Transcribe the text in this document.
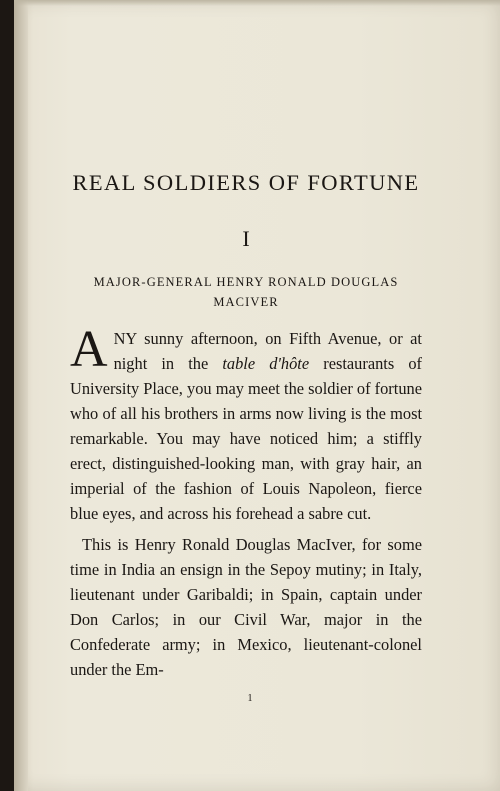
REAL SOLDIERS OF FORTUNE
I
MAJOR-GENERAL HENRY RONALD DOUGLAS
MACIVER

ANY sunny afternoon, on Fifth Avenue, or at night in the table d'hôte restaurants of University Place, you may meet the soldier of fortune who of all his brothers in arms now living is the most remarkable. You may have noticed him; a stiffly erect, distinguished-looking man, with gray hair, an imperial of the fashion of Louis Napoleon, fierce blue eyes, and across his forehead a sabre cut.

This is Henry Ronald Douglas MacIver, for some time in India an ensign in the Sepoy mutiny; in Italy, lieutenant under Garibaldi; in Spain, captain under Don Carlos; in our Civil War, major in the Confederate army; in Mexico, lieutenant-colonel under the Em-

1
